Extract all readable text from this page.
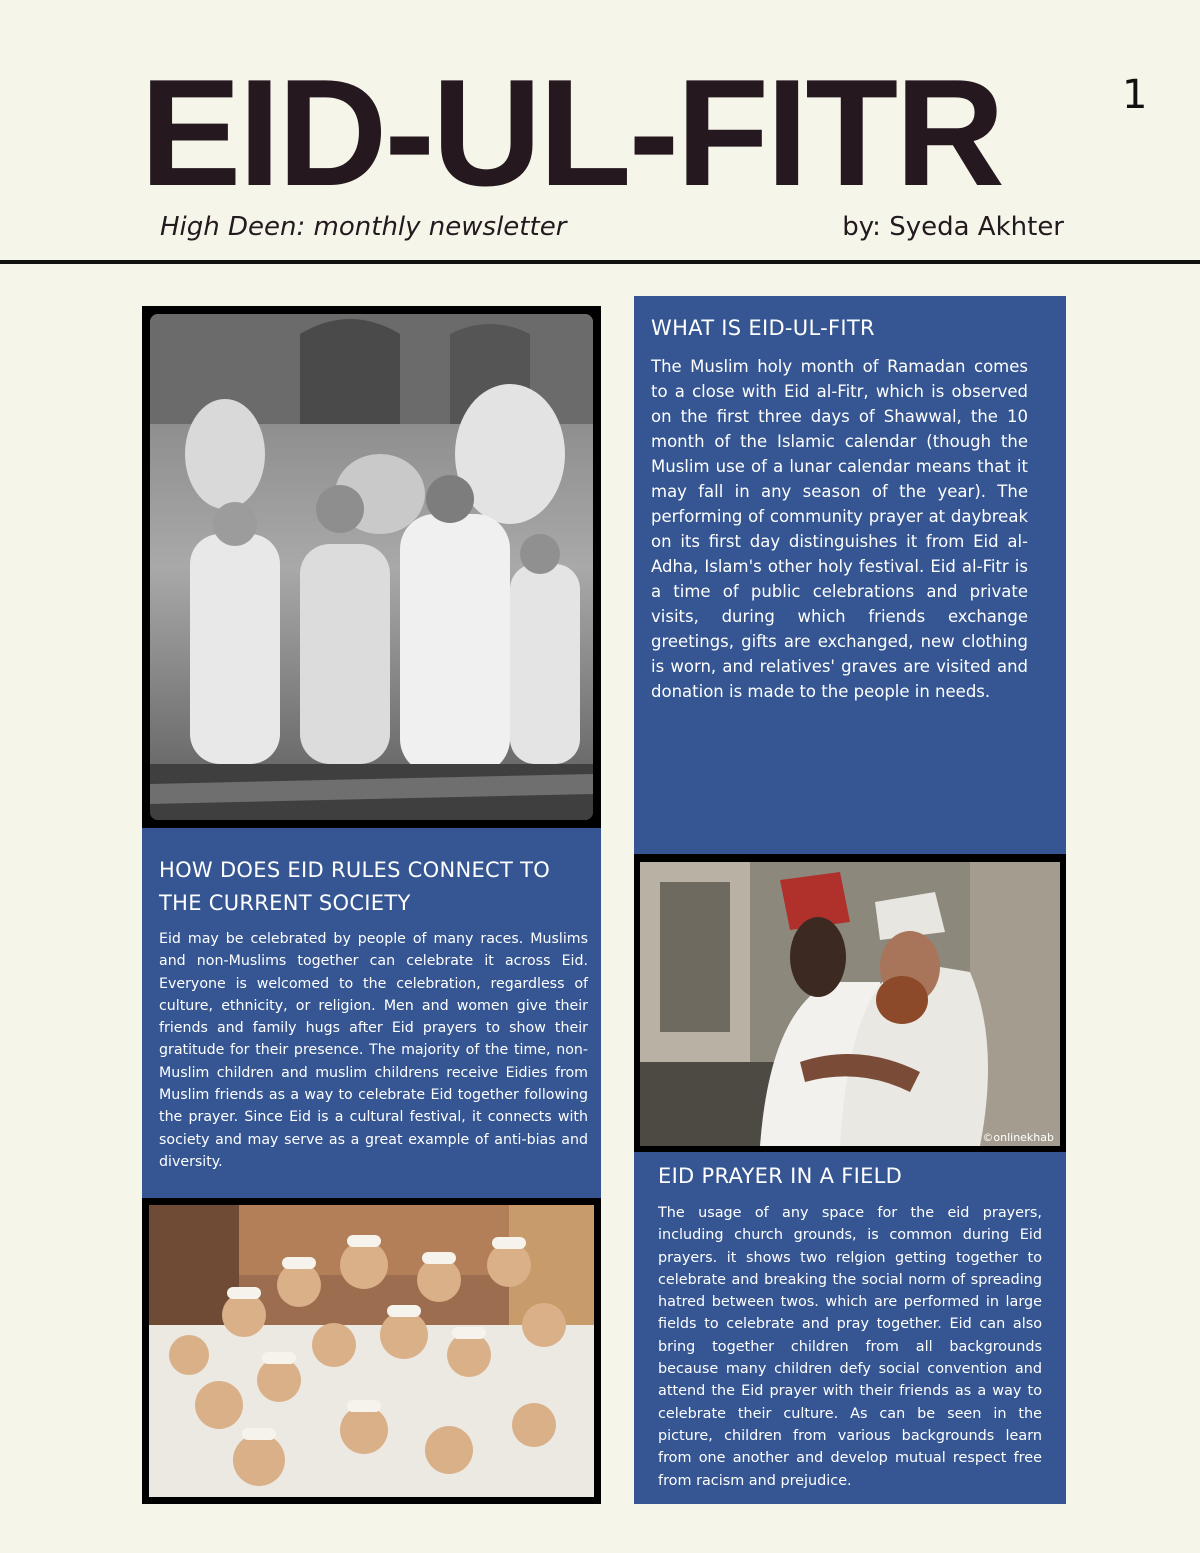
EID-UL-FITR	1
High Deen: monthly newsletter	by: Syeda Akhter
WHAT IS EID-UL-FITR

The Muslim holy month of Ramadan comes to a close with Eid al-Fitr, which is observed on the first three days of Shawwal, the 10 month of the Islamic calendar (though the Muslim use of a lunar calendar means that it may fall in any season of the year). The performing of community prayer at daybreak on its first day distinguishes it from Eid al-Adha, Islam's other holy festival. Eid al-Fitr is a time of public celebrations and private visits, during which friends exchange greetings, gifts are exchanged, new clothing is worn, and relatives' graves are visited and donation is made to the people in needs.

HOW DOES EID RULES CONNECT TO THE CURRENT SOCIETY

Eid may be celebrated by people of many races. Muslims and non-Muslims together can celebrate it across Eid. Everyone is welcomed to the celebration, regardless of culture, ethnicity, or religion. Men and women give their friends and family hugs after Eid prayers to show their gratitude for their presence. The majority of the time, non-Muslim children and muslim childrens receive Eidies from Muslim friends as a way to celebrate Eid together following the prayer. Since Eid is a cultural festival, it connects with society and may serve as a great example of anti-bias and diversity.

©onlinekhab
EID PRAYER IN A FIELD

The usage of any space for the eid prayers, including church grounds, is common during Eid prayers. it shows two relgion getting together to celebrate and breaking the social norm of spreading hatred between twos. which are performed in large fields to celebrate and pray together. Eid can also bring together children from all backgrounds because many children defy social convention and attend the Eid prayer with their friends as a way to celebrate their culture. As can be seen in the picture, children from various backgrounds learn from one another and develop mutual respect free from racism and prejudice.
